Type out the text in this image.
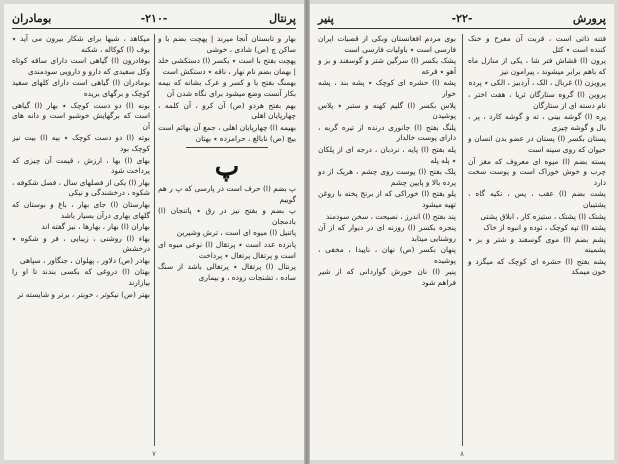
پرنتال
-۲۱۰-
بومادران
بهار و تابستان آنجا میرند | پهچت بضم با و ساکن چ (ص) شادی ، خوشی
پهچت بفتح با است ٭ بکسر (ا) دستکشی خلد | بهمان بضم نام نهار ، ناقه ٭ دستکش است
بهمنگ بفتح با و کسر و عرک بشانه که بیمه بکار آنست وضع میشود برای نگاه شدن آن
بهم بفتح هردو (ص) آن کرو ، آن کلمه ، چهارپایان اهلی
بهیمه (ا) چهارپایان اهلی ، جمع آن بهائم است
بیچ (ص) نابالغ ، حرامزده ٭ بهتان
پ
پ بضم (ا) حرف است در پارسی که پ ر هم گوییم
پ بضم و بفتح نیز در رق ٭ پاتنجان (ا) بادمجان
پاتنیل (ا) میوه ای است ، ترش وشیرین
پانزده عدد است ٭ پرتقال (ا) نوعی میوه ای است و پرتقال پرتغال ٭ پرداخت
پرنتال (ا) پرتقال ٭ پرتغالی باشد از سنگ ساده ، تشنجات زوده ، و بیماری
میکاهد ، شبها برای شکار بیرون می آید ٭ بوف (ا) کوکاله ، شکنه
بوفادرون (ا) گیاهی است دارای ساقه کوتاه وکل سفیدی که دارو و دارویی سودمندی
بومادران (ا) گیاهی است دارای کلهای سفید کوچک و برگهای بریده
بونه (ا) دو دست کوچک ٭ بهار (ا) گیاهی است که برگهایش خوشبو است و دانه های آن
بوته (ا) دو دست کوچک ٭ بیه (ا) بیت نیز کوچک بود
بهای (ا) بها ، ارزش ، قیمت آن چیزی که پرداخت شود
بهار (ا) یکی از فصلهای سال ، فصل شکوفه ، شکوه ، درخشندگی و نیکی
بهارستان (ا) جای بهار ، باغ و بوستان که گلهای بهاری درآن بسیار باشد
بهاران (ا) بهار ، بهارها ، نیز گفته اند
بهاء (ا) روشنی ، زیبایی ، فر و شکوه ٭ درخشش
بهادر (ص) دلاور ، پهلوان ، جنگاور ، سپاهی
بهتان (ا) دروغی که بکسی بندند تا او را بیازارند
بهتر (ص) نیکوتر ، خوبتر ، برتر و شایسته تر
۷
پرورش
-۲۲-
پنیر
فتنه ذاتی است ، قربت آن مفرح و خنک کننده است ٭ کثل
پرون (ا) قشاش فتر شا ، یکی از منازل ماه که باهم برابر میشوند ، پیرامون نیز
پرویزن (ا) غربال ، الک ، آردبیز ، الکی ٭ پرده
پروین (ا) گروه ستارگان ثریا ، هفت اختر ، نام دسته ای از ستارگان
پره (ا) گوشه بینی ، ته و گوشه کارد ، پر ، بال و گوشه چیزی
پستان بکسر (ا) پستان در عضو بدن انسان و حیوان که روی سینه است
پسته بضم (ا) میوه ای معروف که مغز آن چرب و خوش خوراک است و پوست سخت دارد
پشت بضم (ا) عقب ، پس ، تکیه گاه ، پشتیبان
پشتک (ا) پشتک ، ستیزه کار ، ابلاق پشتی
پشته (ا) تپه کوچک ، توده و انبوه از خاک
پشم بضم (ا) موی گوسفند و شتر و بز ٭ پشمینه
پشه بفتح (ا) حشره ای کوچک که میگزد و خون میمکد
بوی مردم افغانستان وبکی از قصبات ایران فارسی است ٭ باولیات فارسی است
پشک بکسر (ا) سرگین شتر و گوسفند و بز و آهو ٭ قرعه
پشه (ا) حشره ای کوچک ٭ پشه بند ، پشه خوار
پلاس بکسر (ا) گلیم کهنه و ستبر ٭ پلاس پوشیدن
پلنگ بفتح (ا) جانوری درنده از تیره گربه ، دارای پوست خالدار
پله بفتح (ا) پایه ، نردبان ، درجه ای از پلکان ٭ پله پله
پلک بفتح (ا) پوست روی چشم ، هریک از دو پرده بالا و پایین چشم
پلو بفتح (ا) خوراکی که از برنج پخته با روغن تهیه میشود
پند بفتح (ا) اندرز ، نصیحت ، سخن سودمند
پنجره بکسر (ا) روزنه ای در دیوار که از آن روشنایی میتابد
پنهان بکسر (ص) نهان ، ناپیدا ، مخفی ، پوشیده
پنیر (ا) نان خورش گواردانی که از شیر فراهم شود
۸
